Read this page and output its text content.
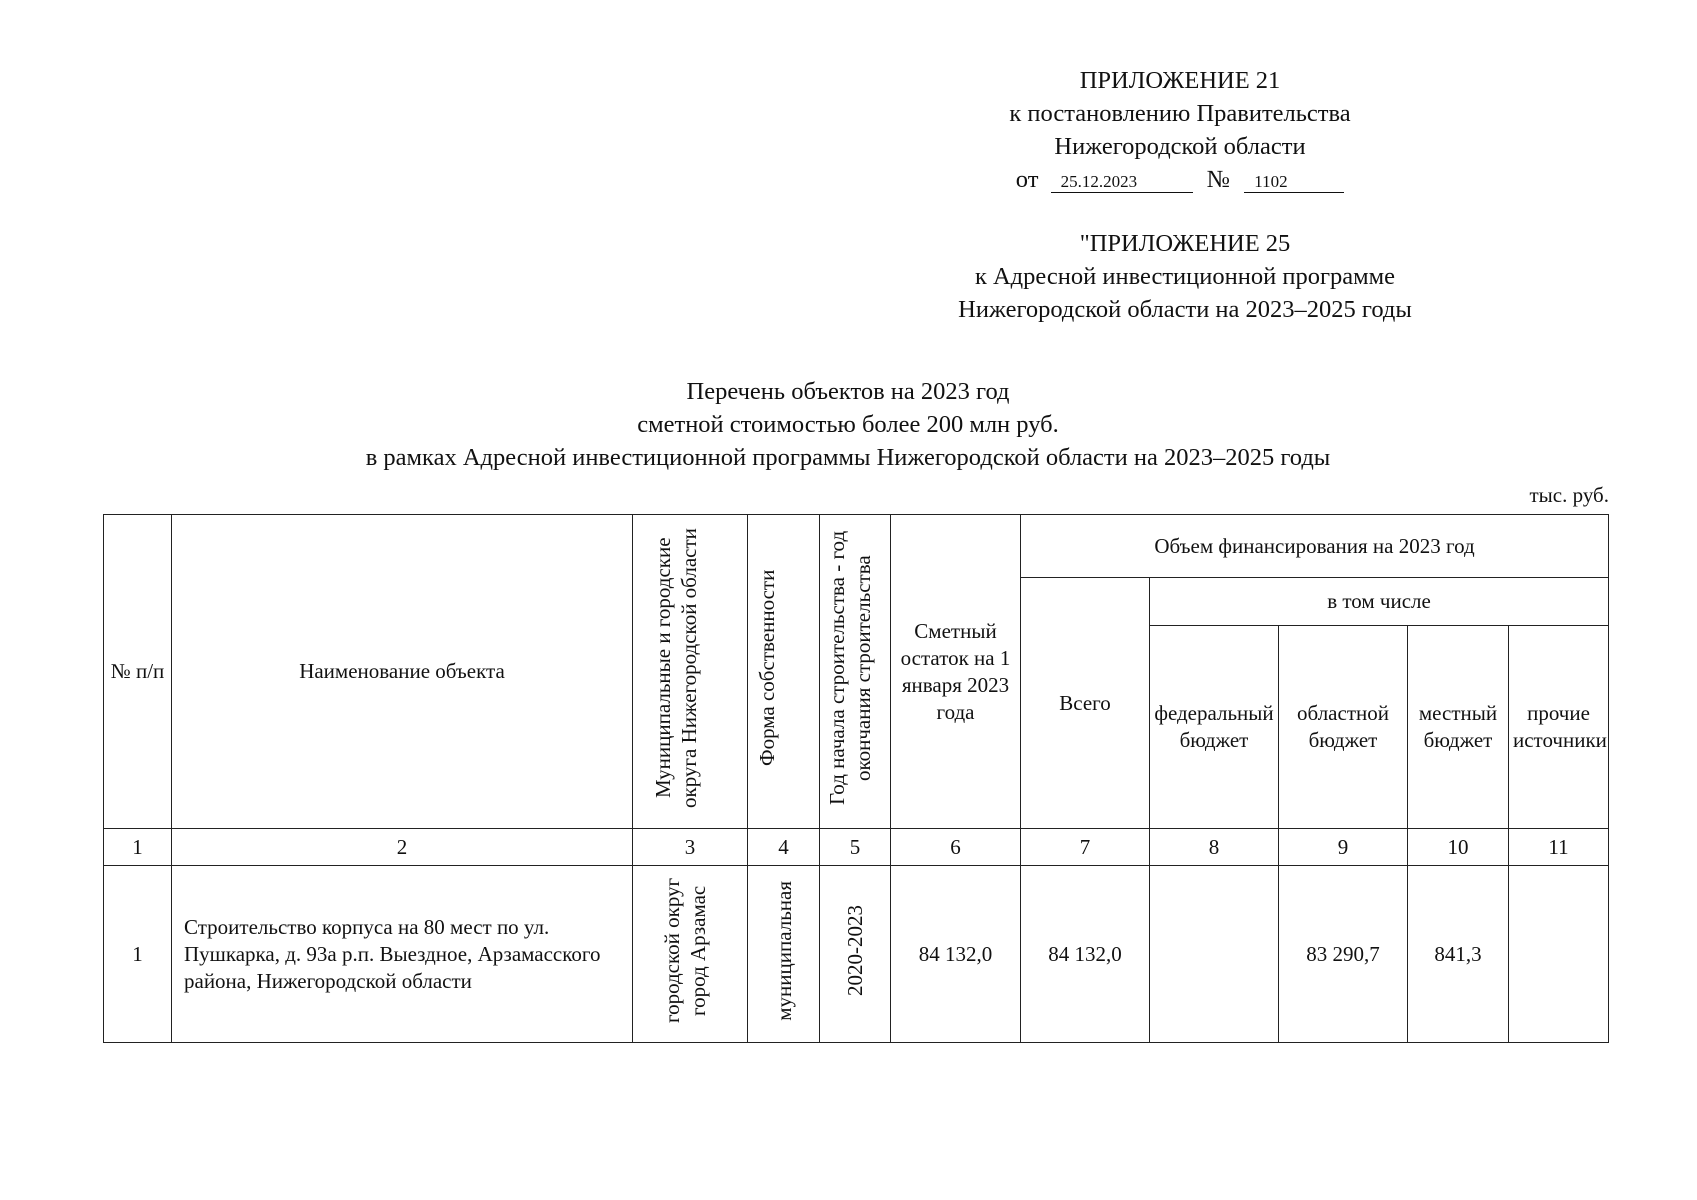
ПРИЛОЖЕНИЕ 21
к постановлению Правительства
Нижегородской области
от 25.12.2023	№ 1102
"ПРИЛОЖЕНИЕ 25
к Адресной инвестиционной программе
Нижегородской области на 2023–2025 годы
Перечень объектов на 2023 год
сметной стоимостью более 200 млн руб.
в рамках Адресной инвестиционной программы Нижегородской области на 2023–2025 годы
тыс. руб.
№ п/п	Наименование объекта	Муниципальные и городские округа Нижегородской области	Форма собственности	Год начала строительства - год окончания строительства	Сметный остаток на 1 января 2023 года	Объем финансирования на 2023 год				
						Всего	в том числе			
							федеральный бюджет	областной бюджет	местный бюджет	прочие источники
1	2	3	4	5	6	7	8	9	10	11
1	Строительство корпуса на 80 мест по ул. Пушкарка, д. 93а р.п. Выездное, Арзамасского района, Нижегородской области	городской округ город Арзамас	муниципальная	2020-2023	84 132,0	84 132,0		83 290,7	841,3	
